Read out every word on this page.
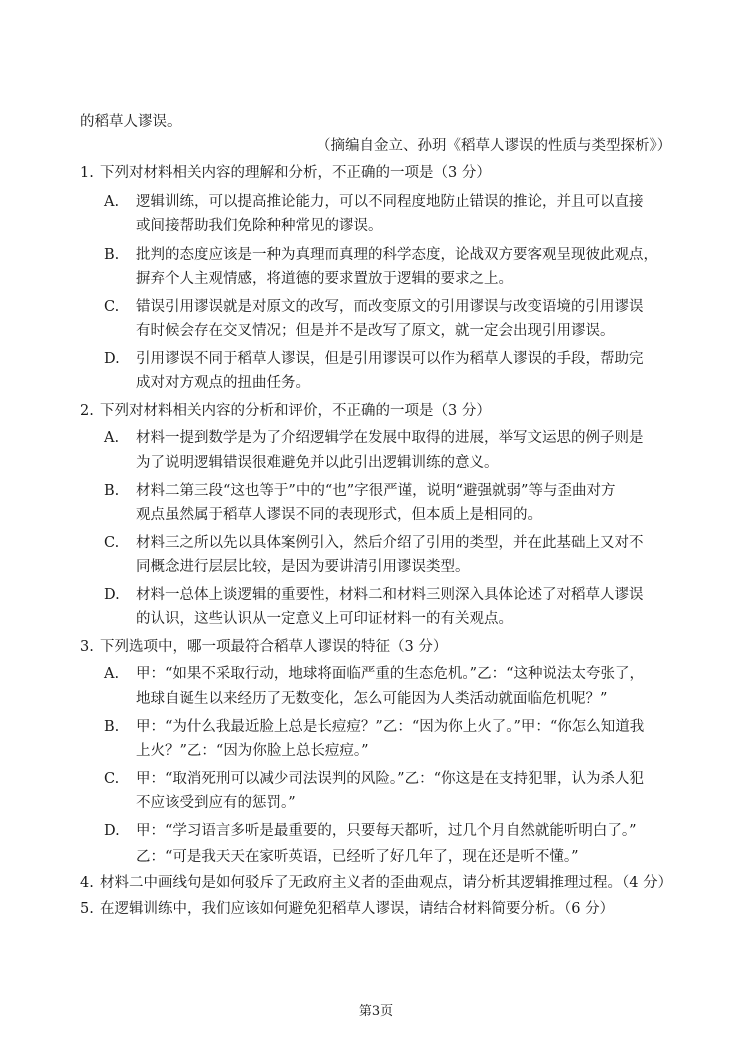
的稻草人谬误。
（摘编自金立、孙玥《稻草人谬误的性质与类型探析》）
1. 下列对材料相关内容的理解和分析，不正确的一项是（3 分）
A. 逻辑训练，可以提高推论能力，可以不同程度地防止错误的推论，并且可以直接
或间接帮助我们免除种种常见的谬误。
B. 批判的态度应该是一种为真理而真理的科学态度，论战双方要客观呈现彼此观点，
摒弃个人主观情感，将道德的要求置放于逻辑的要求之上。
C. 错误引用谬误就是对原文的改写，而改变原文的引用谬误与改变语境的引用谬误
有时候会存在交叉情况；但是并不是改写了原文，就一定会出现引用谬误。
D. 引用谬误不同于稻草人谬误，但是引用谬误可以作为稻草人谬误的手段，帮助完
成对对方观点的扭曲任务。
2. 下列对材料相关内容的分析和评价，不正确的一项是（3 分）
A. 材料一提到数学是为了介绍逻辑学在发展中取得的进展，举写文运思的例子则是
为了说明逻辑错误很难避免并以此引出逻辑训练的意义。
B. 材料二第三段“这也等于”中的“也”字很严谨，说明“避强就弱”等与歪曲对方
观点虽然属于稻草人谬误不同的表现形式，但本质上是相同的。
C. 材料三之所以先以具体案例引入，然后介绍了引用的类型，并在此基础上又对不
同概念进行层层比较，是因为要讲清引用谬误类型。
D. 材料一总体上谈逻辑的重要性，材料二和材料三则深入具体论述了对稻草人谬误
的认识，这些认识从一定意义上可印证材料一的有关观点。
3. 下列选项中，哪一项最符合稻草人谬误的特征（3 分）
A. 甲：“如果不采取行动，地球将面临严重的生态危机。”乙：“这种说法太夸张了，
地球自诞生以来经历了无数变化，怎么可能因为人类活动就面临危机呢？”
B. 甲：“为什么我最近脸上总是长痘痘？”乙：“因为你上火了。”甲：“你怎么知道我
上火？”乙：“因为你脸上总长痘痘。”
C. 甲：“取消死刑可以减少司法误判的风险。”乙：“你这是在支持犯罪，认为杀人犯
不应该受到应有的惩罚。”
D. 甲：“学习语言多听是最重要的，只要每天都听，过几个月自然就能听明白了。”
乙：“可是我天天在家听英语，已经听了好几年了，现在还是听不懂。”
4. 材料二中画线句是如何驳斥了无政府主义者的歪曲观点，请分析其逻辑推理过程。（4 分）
5. 在逻辑训练中，我们应该如何避免犯稻草人谬误，请结合材料简要分析。（6 分）
第3页
